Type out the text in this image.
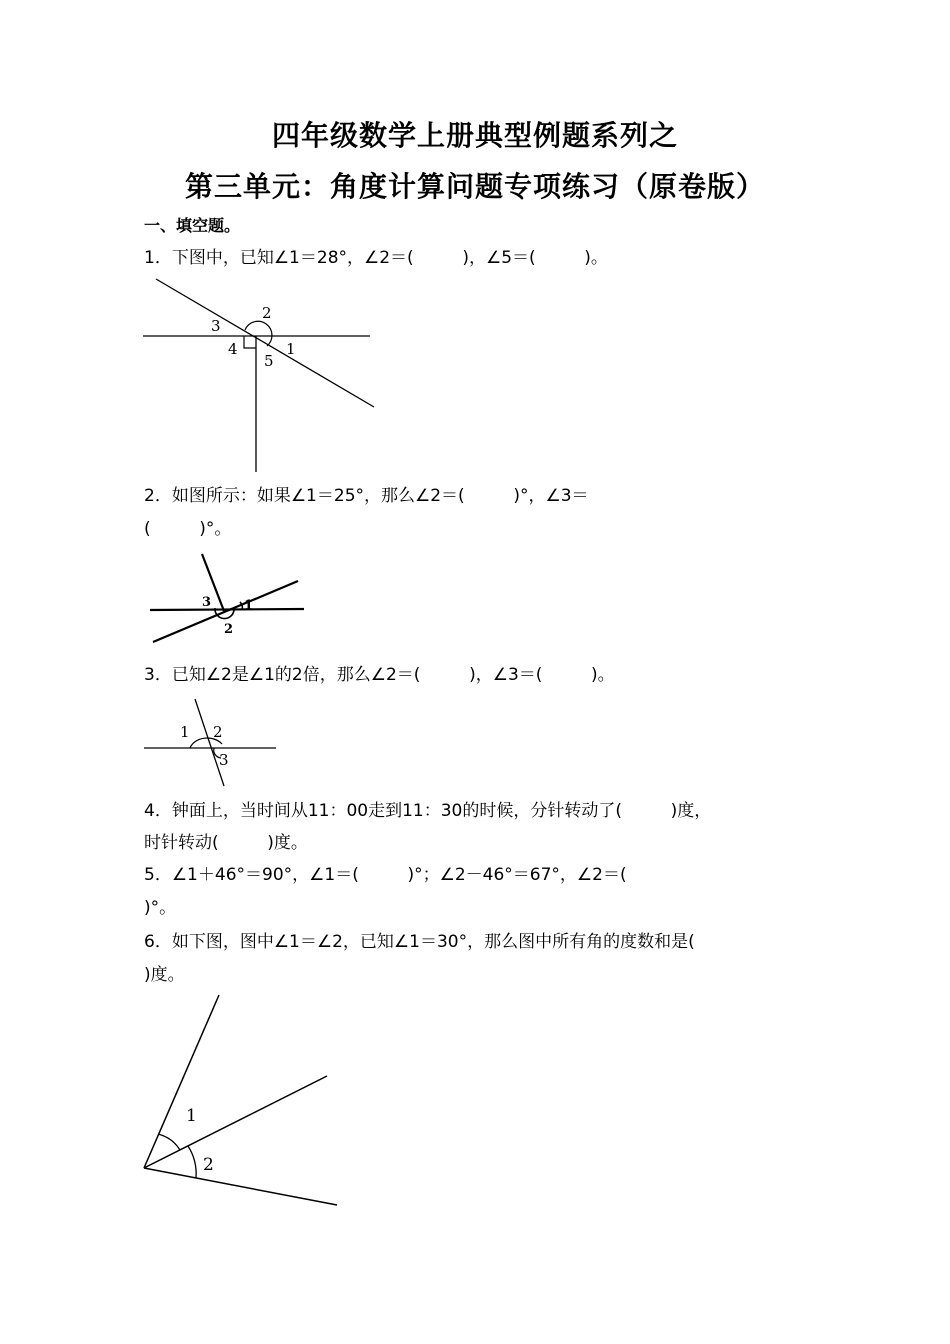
四年级数学上册典型例题系列之
第三单元：角度计算问题专项练习（原卷版）
一、填空题。
1．下图中，已知∠1＝28°，∠2＝(         )，∠5＝(         )。
1
2
3
4
5
2．如图所示：如果∠1＝25°，那么∠2＝(         )°，∠3＝
(         )°。
1
2
3
3．已知∠2是∠1的2倍，那么∠2＝(         )，∠3＝(         )。
1 2
3
4．钟面上，当时间从11：00走到11：30的时候，分针转动了(         )度，
时针转动(         )度。
5．∠1＋46°＝90°，∠1＝(         )°；∠2－46°＝67°，∠2＝(
)°。
6．如下图，图中∠1＝∠2，已知∠1＝30°，那么图中所有角的度数和是(
)度。
1
2
